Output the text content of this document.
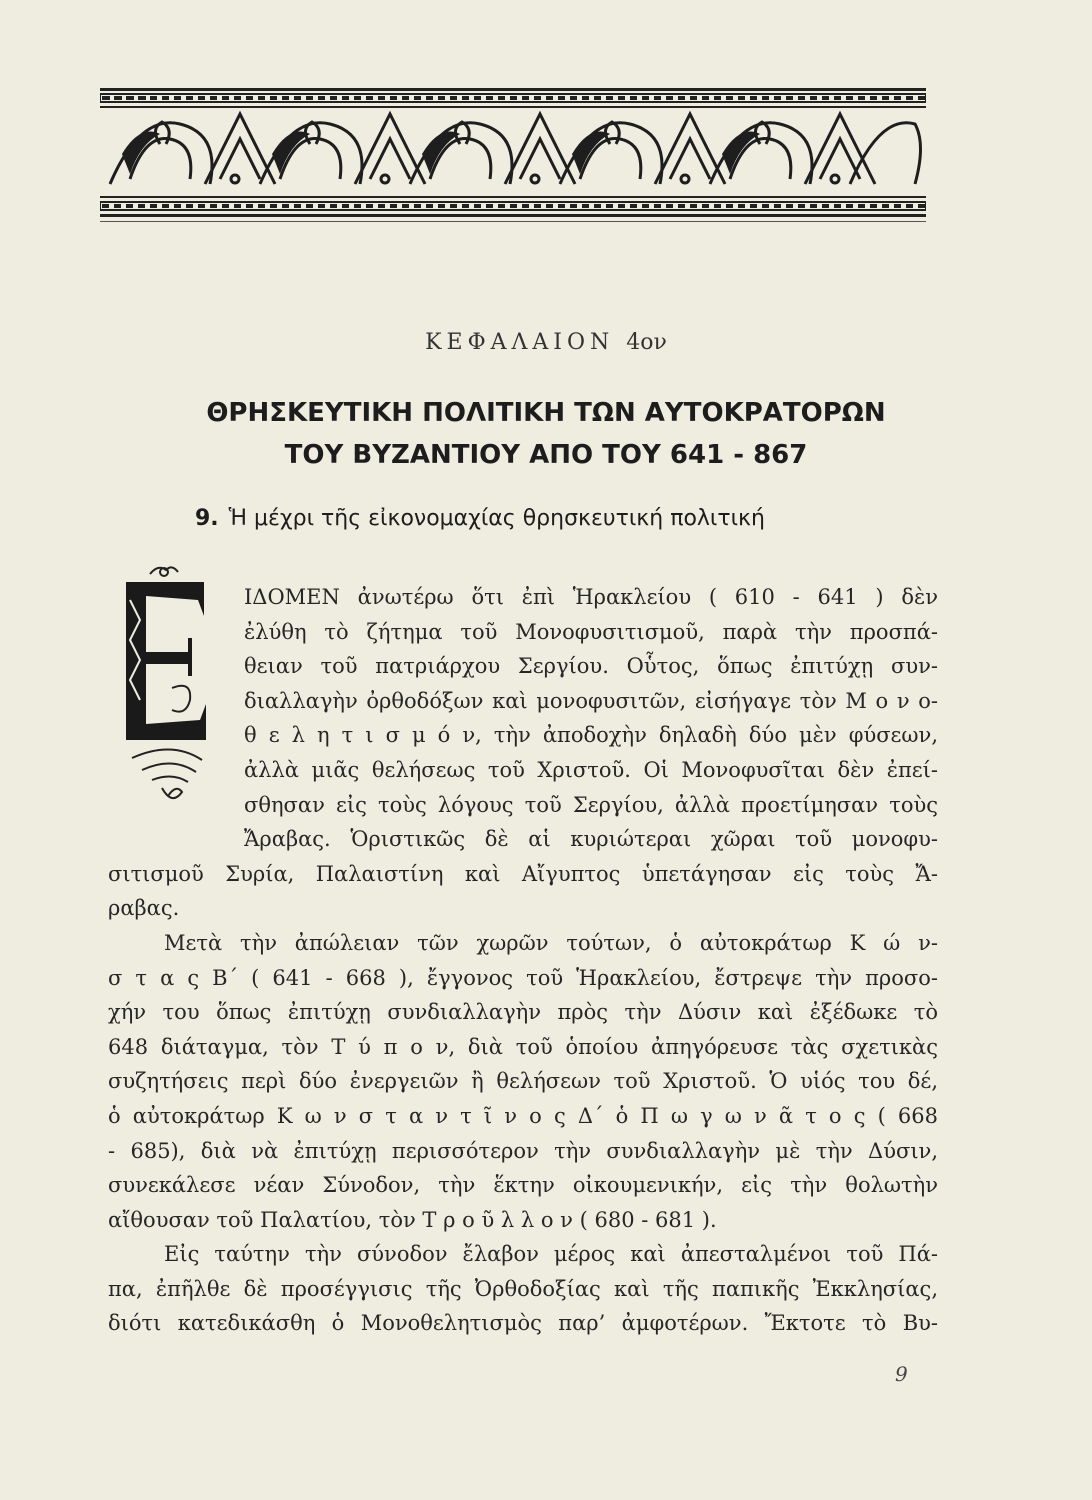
ΚΕΦΑΛΑΙΟΝ 4ον
ΘΡΗΣΚΕΥΤΙΚΗ ΠΟΛΙΤΙΚΗ ΤΩΝ ΑΥΤΟΚΡΑΤΟΡΩΝ
ΤΟΥ ΒΥΖΑΝΤΙΟΥ ΑΠΟ ΤΟΥ 641 - 867
9. Ἡ μέχρι τῆς εἰκονομαχίας θρησκευτική πολιτική
ΙΔΟΜΕΝ ἀνωτέρω ὅτι ἐπὶ Ἡρακλείου ( 610 - 641 ) δὲν
ἐλύθη τὸ ζήτημα τοῦ Μονοφυσιτισμοῦ, παρὰ τὴν προσπά-
θειαν τοῦ πατριάρχου Σεργίου. Οὗτος, ὅπως ἐπιτύχῃ συν-
διαλλαγὴν ὀρθοδόξων καὶ μονοφυσιτῶν, εἰσήγαγε τὸν Μ ο ν ο-
θ ε λ η τ ι σ μ ό ν, τὴν ἀποδοχὴν δηλαδὴ δύο μὲν φύσεων,
ἀλλὰ μιᾶς θελήσεως τοῦ Χριστοῦ. Οἱ Μονοφυσῖται δὲν ἐπεί-
σθησαν εἰς τοὺς λόγους τοῦ Σεργίου, ἀλλὰ προετίμησαν τοὺς
Ἄραβας. Ὁριστικῶς δὲ αἱ κυριώτεραι χῶραι τοῦ μονοφυ-
σιτισμοῦ Συρία, Παλαιστίνη καὶ Αἴγυπτος ὑπετάγησαν εἰς τοὺς Ἄ-
ραβας.
Μετὰ τὴν ἀπώλειαν τῶν χωρῶν τούτων, ὁ αὐτοκράτωρ Κ ώ ν-
σ τ α ς Β΄ ( 641 - 668 ), ἔγγονος τοῦ Ἡρακλείου, ἔστρεψε τὴν προσο-
χήν του ὅπως ἐπιτύχῃ συνδιαλλαγὴν πρὸς τὴν Δύσιν καὶ ἐξέδωκε τὸ
648 διάταγμα, τὸν Τ ύ π ο ν, διὰ τοῦ ὁποίου ἀπηγόρευσε τὰς σχετικὰς
συζητήσεις περὶ δύο ἐνεργειῶν ἢ θελήσεων τοῦ Χριστοῦ. Ὁ υἱός του δέ,
ὁ αὐτοκράτωρ Κ ω ν σ τ α ν τ ῖ ν ο ς Δ΄ ὁ Π ω γ ω ν ᾶ τ ο ς ( 668
- 685), διὰ νὰ ἐπιτύχῃ περισσότερον τὴν συνδιαλλαγὴν μὲ τὴν Δύσιν,
συνεκάλεσε νέαν Σύνοδον, τὴν ἕκτην οἰκουμενικήν, εἰς τὴν θολωτὴν
αἴθουσαν τοῦ Παλατίου, τὸν Τ ρ ο ῦ λ λ ο ν ( 680 - 681 ).
Εἰς ταύτην τὴν σύνοδον ἔλαβον μέρος καὶ ἀπεσταλμένοι τοῦ Πά-
πα, ἐπῆλθε δὲ προσέγγισις τῆς Ὀρθοδοξίας καὶ τῆς παπικῆς Ἐκκλησίας,
διότι κατεδικάσθη ὁ Μονοθελητισμὸς παρ’ ἀμφοτέρων. Ἔκτοτε τὸ Βυ-
9
